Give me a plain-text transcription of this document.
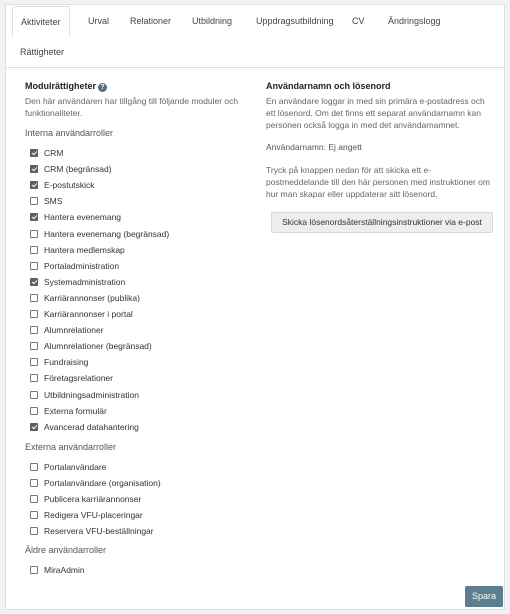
Aktiviteter	Urval	Relationer	Utbildning	Uppdragsutbildning	CV	Ändringslogg
Rättigheter
Modulrättigheter ?
Den här användaren har tillgång till följande moduler och funktionaliteter.
Interna användarroller
CRM
CRM (begränsad)
E-postutskick
SMS
Hantera evenemang
Hantera evenemang (begränsad)
Hantera medlemskap
Portaladministration
Systemadministration
Karriärannonser (publika)
Karriärannonser i portal
Alumnrelationer
Alumnrelationer (begränsad)
Fundraising
Företagsrelationer
Utbildningsadministration
Externa formulär
Avancerad datahantering
Externa användarroller
Portalanvändare
Portalanvändare (organisation)
Publicera karriärannonser
Redigera VFU-placeringar
Reservera VFU-beställningar
Äldre användarroller
MiraAdmin
Användarnamn och lösenord
En användare loggar in med sin primära e-postadress och ett lösenord. Om det finns ett separat användarnamn kan personen också logga in med det användarnamnet.
Användarnamn: Ej angett
Tryck på knappen nedan för att skicka ett e-postmeddelande till den här personen med instruktioner om hur man skapar eller uppdaterar sitt lösenord.
Skicka lösenordsåterställningsinstruktioner via e-post
Spara
